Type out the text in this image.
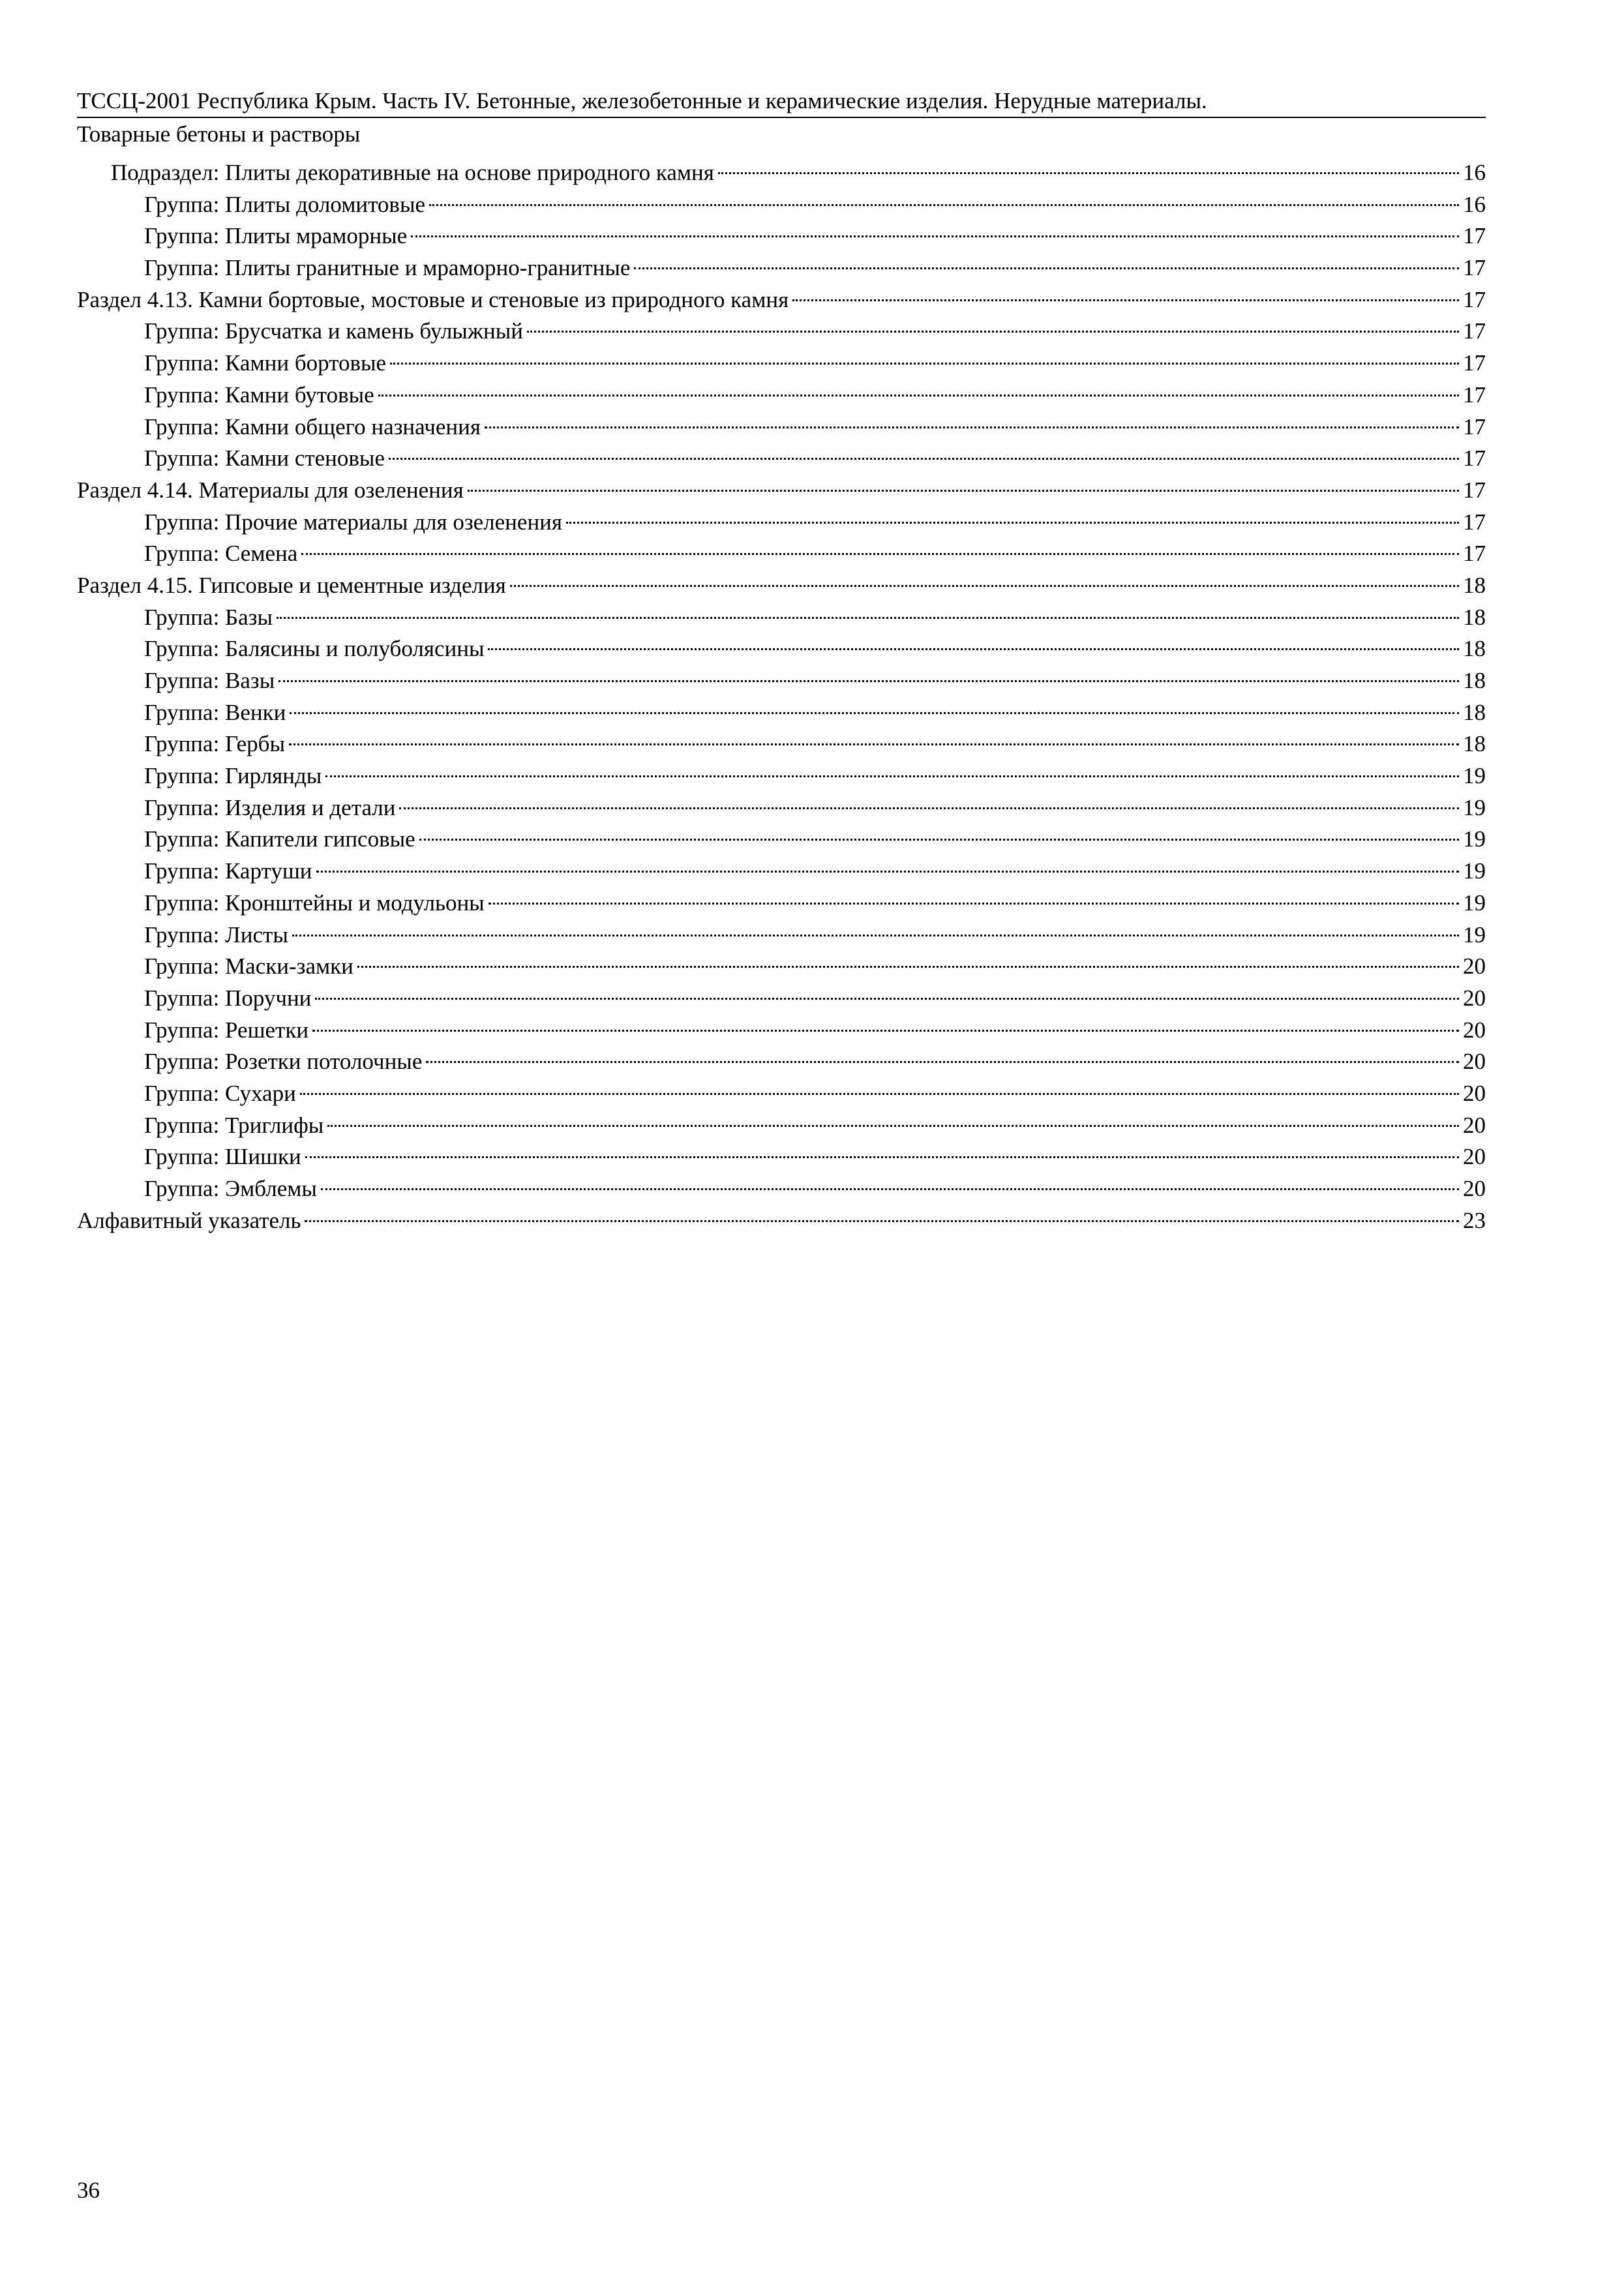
ТССЦ-2001 Республика Крым. Часть IV. Бетонные, железобетонные и керамические изделия. Нерудные материалы.
Товарные бетоны и растворы
Подраздел: Плиты декоративные на основе природного камня	16
Группа: Плиты доломитовые	16
Группа: Плиты мраморные	17
Группа: Плиты гранитные и мраморно-гранитные	17
Раздел 4.13. Камни бортовые, мостовые и стеновые из природного камня	17
Группа: Брусчатка и камень булыжный	17
Группа: Камни бортовые	17
Группа: Камни бутовые	17
Группа: Камни общего назначения	17
Группа: Камни стеновые	17
Раздел 4.14. Материалы для озеленения	17
Группа: Прочие материалы для озеленения	17
Группа: Семена	17
Раздел 4.15. Гипсовые и цементные изделия	18
Группа: Базы	18
Группа: Балясины и полуболясины	18
Группа: Вазы	18
Группа: Венки	18
Группа: Гербы	18
Группа: Гирлянды	19
Группа: Изделия и детали	19
Группа: Капители гипсовые	19
Группа: Картуши	19
Группа: Кронштейны и модульоны	19
Группа: Листы	19
Группа: Маски-замки	20
Группа: Поручни	20
Группа: Решетки	20
Группа: Розетки потолочные	20
Группа: Сухари	20
Группа: Триглифы	20
Группа: Шишки	20
Группа: Эмблемы	20
Алфавитный указатель	23
36
